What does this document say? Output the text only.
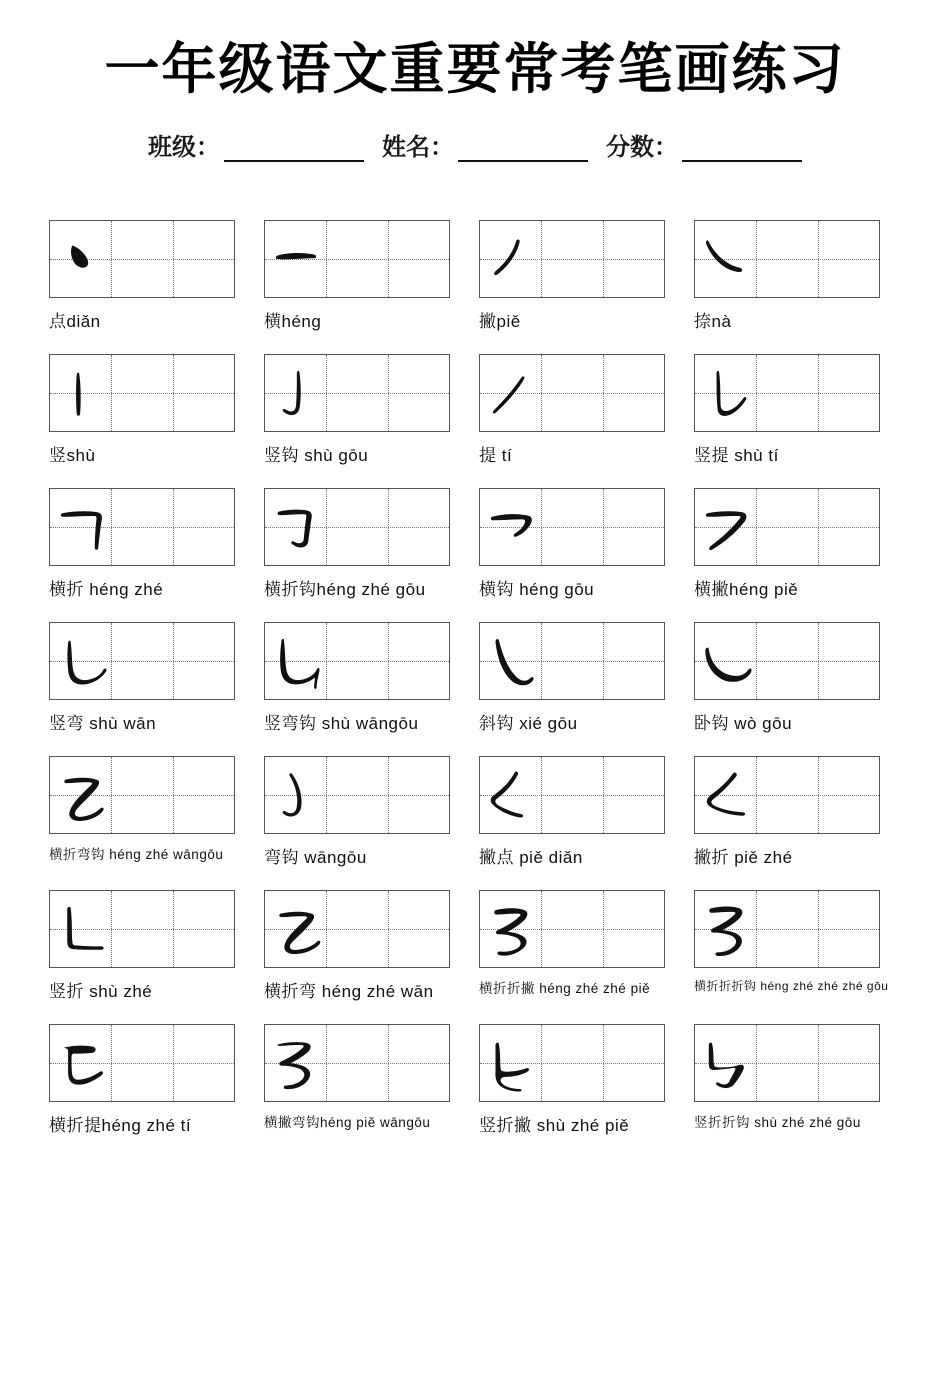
一年级语文重要常考笔画练习
班级：	姓名：	分数：
点diǎn	横héng	撇piě	捺nà
竖shù	竖钩 shù gōu	提 tí	竖提 shù tí
横折 héng zhé	横折钩héng zhé gōu	横钩 héng gōu	横撇héng piě
竖弯 shù wān	竖弯钩 shù wāngōu	斜钩 xié gōu	卧钩 wò gōu
横折弯钩 héng zhé wāngōu	弯钩 wāngōu	撇点 piě diǎn	撇折 piě zhé
竖折 shù zhé	横折弯 héng zhé wān	横折折撇 héng zhé zhé piě	横折折折钩 héng zhé zhé zhé gōu
横折提héng zhé tí	横撇弯钩héng piě wāngōu	竖折撇 shù zhé piě	竖折折钩 shù zhé zhé gōu
